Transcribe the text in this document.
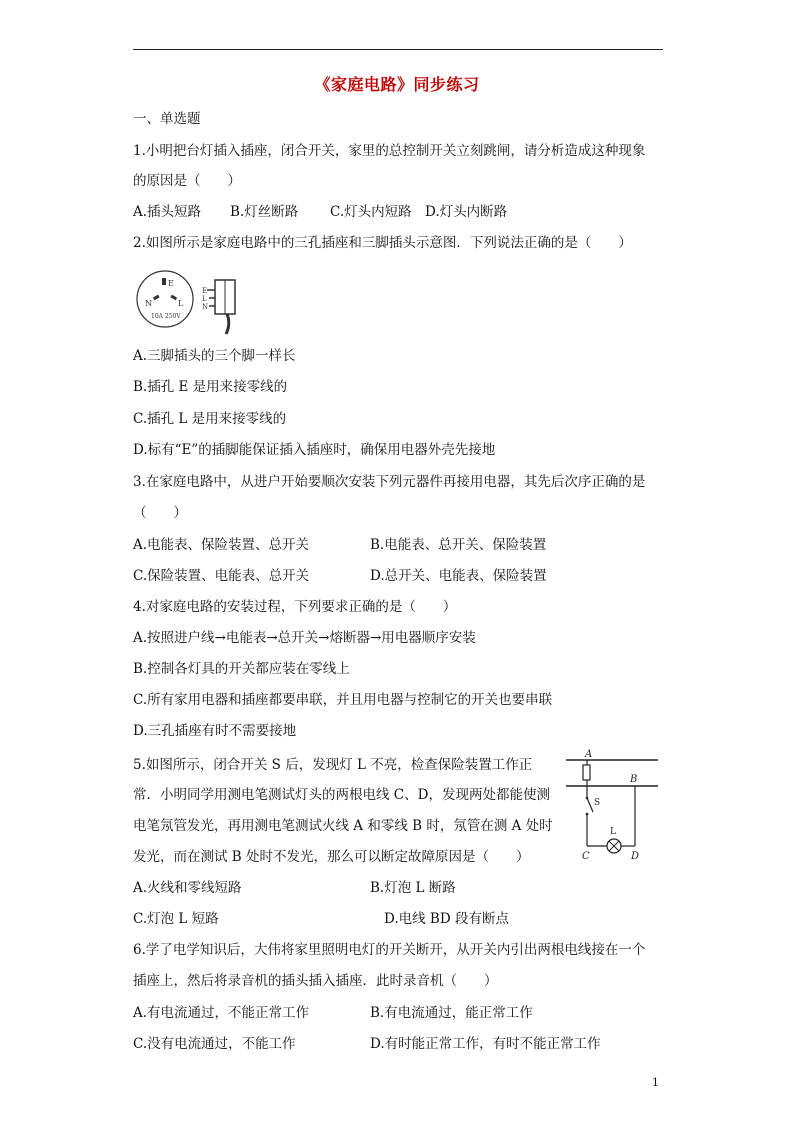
《家庭电路》同步练习
一、单选题
1.小明把台灯插入插座，闭合开关，家里的总控制开关立刻跳闸，请分析造成这种现象
的原因是（　　）
A.插头短路 B.灯丝断路 C.灯头内短路 D.灯头内断路
2.如图所示是家庭电路中的三孔插座和三脚插头示意图．下列说法正确的是（　　）
E
N	L
10A 250V
E
L
N
A.三脚插头的三个脚一样长
B.插孔 E 是用来接零线的
C.插孔 L 是用来接零线的
D.标有“E”的插脚能保证插入插座时，确保用电器外壳先接地
3.在家庭电路中，从进户开始要顺次安装下列元器件再接用电器，其先后次序正确的是
（　　）
A.电能表、保险装置、总开关	B.电能表、总开关、保险装置
C.保险装置、电能表、总开关	D.总开关、电能表、保险装置
4.对家庭电路的安装过程，下列要求正确的是（　　）
A.按照进户线→电能表→总开关→熔断器→用电器顺序安装
B.控制各灯具的开关都应装在零线上
C.所有家用电器和插座都要串联，并且用电器与控制它的开关也要串联
D.三孔插座有时不需要接地
5.如图所示，闭合开关 S 后，发现灯 L 不亮，检查保险装置工作正
常．小明同学用测电笔测试灯头的两根电线 C、D，发现两处都能使测
电笔氖管发光，再用测电笔测试火线 A 和零线 B 时，氖管在测 A 处时
发光，而在测试 B 处时不发光，那么可以断定故障原因是（　　）
A
B
S
L
C	D
A.火线和零线短路	B.灯泡 L 断路
C.灯泡 L 短路	D.电线 BD 段有断点
6.学了电学知识后，大伟将家里照明电灯的开关断开，从开关内引出两根电线接在一个
插座上，然后将录音机的插头插入插座．此时录音机（　　）
A.有电流通过，不能正常工作	B.有电流通过，能正常工作
C.没有电流通过，不能工作	D.有时能正常工作，有时不能正常工作
1
